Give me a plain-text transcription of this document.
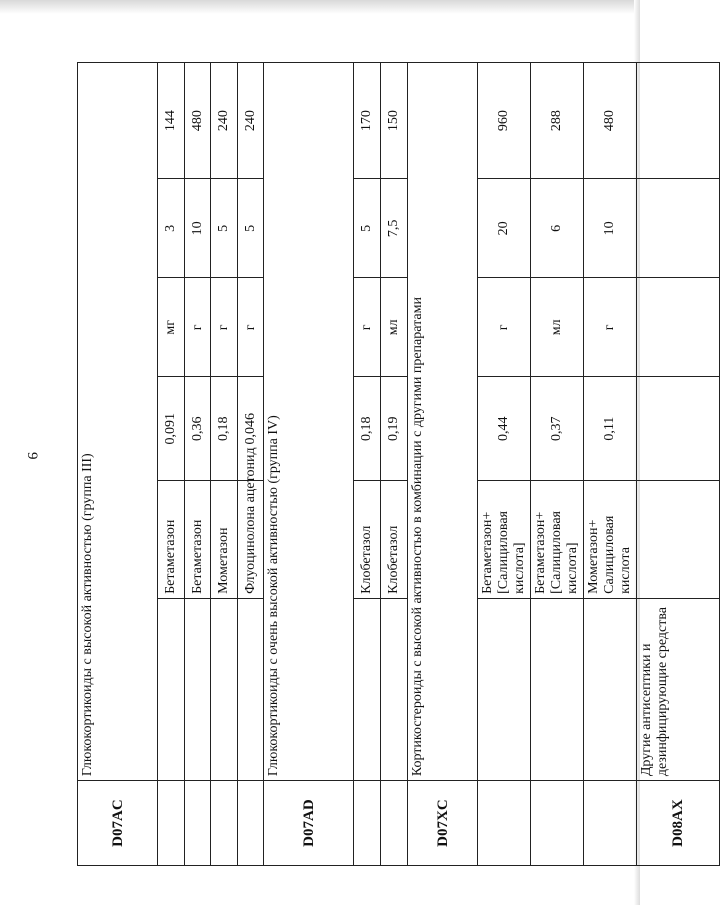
9
D07AC	Глюкокортикоиды с высокой активностью (группа III)					
		Бетаметазон	0,091	мг	3	144
		Бетаметазон	0,36	г	10	480
		Мометазон	0,18	г	5	240
		Флуоцинолона ацетонид	0,046	г	5	240
D07AD	Глюкокортикоиды с очень высокой активностью (группа IV)					
		Клобетазол	0,18	г	5	170
		Клобетазол	0,19	мл	7,5	150
D07XC	Кортикостероиды с высокой активностью в комбинации с другими препаратами					

		Бетаметазон+ [Салициловая кислота]	0,44	г	20	960

		Бетаметазон+ [Салициловая кислота]	0,37	мл	6	288

		Мометазон+ Салициловая кислота	0,11	г	10	480
D08AX	Другие антисептики и дезинфицирующие средства					
